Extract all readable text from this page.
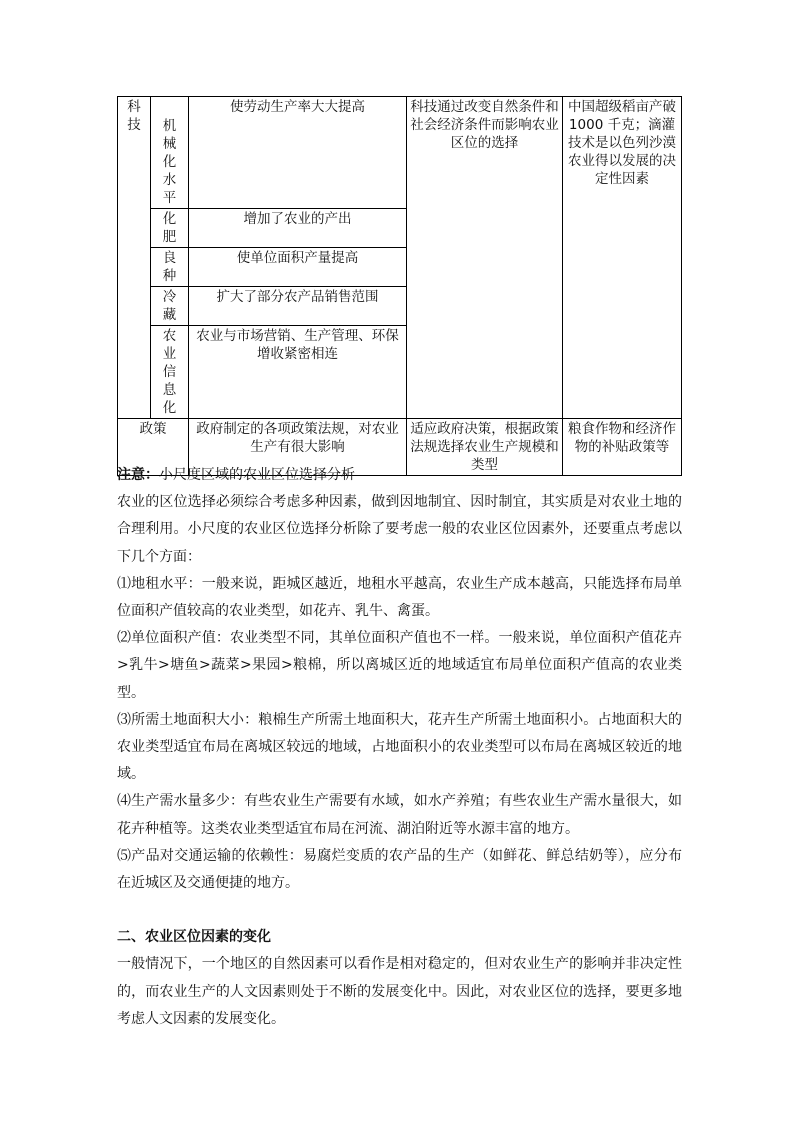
科技	机械化水平	使劳动生产率大大提高	科技通过改变自然条件和社会经济条件而影响农业区位的选择	中国超级稻亩产破 1000 千克；滴灌技术是以色列沙漠农业得以发展的决定性因素

	化肥	增加了农业的产出		

	良种	使单位面积产量提高		

	冷藏	扩大了部分农产品销售范围		

	农业信息化	农业与市场营销、生产管理、环保增收紧密相连		
政策		政府制定的各项政策法规，对农业生产有很大影响	适应政府决策，根据政策法规选择农业生产规模和类型	粮食作物和经济作物的补贴政策等

注意：小尺度区域的农业区位选择分析

农业的区位选择必须综合考虑多种因素，做到因地制宜、因时制宜，其实质是对农业土地的合理利用。小尺度的农业区位选择分析除了要考虑一般的农业区位因素外，还要重点考虑以下几个方面：

⑴地租水平：一般来说，距城区越近，地租水平越高，农业生产成本越高，只能选择布局单位面积产值较高的农业类型，如花卉、乳牛、禽蛋。

⑵单位面积产值：农业类型不同，其单位面积产值也不一样。一般来说，单位面积产值花卉>乳牛>塘鱼>蔬菜>果园>粮棉，所以离城区近的地域适宜布局单位面积产值高的农业类型。

⑶所需土地面积大小：粮棉生产所需土地面积大，花卉生产所需土地面积小。占地面积大的农业类型适宜布局在离城区较远的地域，占地面积小的农业类型可以布局在离城区较近的地域。

⑷生产需水量多少：有些农业生产需要有水域，如水产养殖；有些农业生产需水量很大，如花卉种植等。这类农业类型适宜布局在河流、湖泊附近等水源丰富的地方。

⑸产品对交通运输的依赖性：易腐烂变质的农产品的生产（如鲜花、鲜总结奶等），应分布在近城区及交通便捷的地方。

二、农业区位因素的变化

一般情况下，一个地区的自然因素可以看作是相对稳定的，但对农业生产的影响并非决定性的，而农业生产的人文因素则处于不断的发展变化中。因此，对农业区位的选择，要更多地考虑人文因素的发展变化。
